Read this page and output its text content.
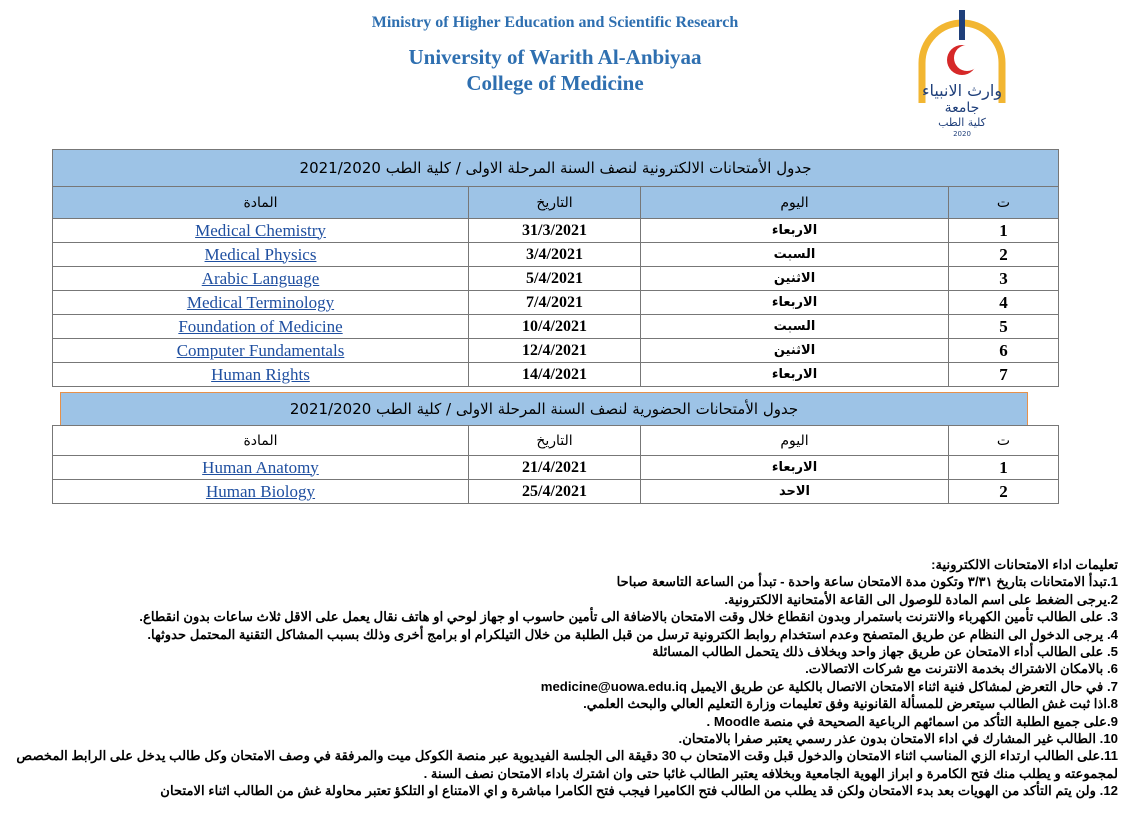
Ministry of Higher Education and Scientific Research
University of Warith Al-Anbiyaa
College of Medicine	وارث الانبياء
جامعة
كلية الطب
2020
جدول الأمتحانات الالكترونية لنصف السنة المرحلة الاولى / كلية الطب 2021/2020			
المادة	التاريخ	اليوم	ت
Medical Chemistry	31/3/2021	الاربعاء	1
Medical Physics	3/4/2021	السبت	2
Arabic Language	5/4/2021	الاثنين	3
Medical Terminology	7/4/2021	الاربعاء	4
Foundation of Medicine	10/4/2021	السبت	5
Computer Fundamentals	12/4/2021	الاثنين	6
Human Rights	14/4/2021	الاربعاء	7
جدول الأمتحانات الحضورية لنصف السنة المرحلة الاولى / كلية الطب 2021/2020
المادة	التاريخ	اليوم	ت
Human Anatomy	21/4/2021	الاربعاء	1
Human Biology	25/4/2021	الاحد	2
تعليمات اداء الامتحانات الالكترونية:
1.تبدأ الامتحانات بتاريخ ٣/٣١ وتكون مدة الامتحان ساعة واحدة - تبدأ من الساعة التاسعة صباحا
2.يرجى الضغط على اسم المادة للوصول الى القاعة الأمتحانية الالكترونية.
3. على الطالب تأمين الكهرباء والانترنت باستمرار وبدون انقطاع خلال وقت الامتحان بالاضافة الى تأمين حاسوب او جهاز لوحي او هاتف نقال يعمل على الاقل ثلاث ساعات بدون انقطاع.
4. يرجى الدخول الى النظام عن طريق المتصفح وعدم استخدام روابط الكترونية ترسل من قبل الطلبة من خلال التيلكرام او برامج أخرى وذلك بسبب المشاكل التقنية المحتمل حدوثها.
5. على الطالب أداء الامتحان عن طريق جهاز واحد وبخلاف ذلك يتحمل الطالب المسائلة
6. بالامكان الاشتراك بخدمة الانترنت مع شركات الاتصالات.
7. في حال التعرض لمشاكل فنية اثناء الامتحان الاتصال بالكلية عن طريق الايميل medicine@uowa.edu.iq
8.اذا ثبت غش الطالب سيتعرض للمسألة القانونية وفق تعليمات وزارة التعليم العالي والبحث العلمي.
9.على جميع الطلبة التأكد من اسمائهم الرباعية الصحيحة في منصة Moodle .
10. الطالب غير المشارك في اداء الامتحان بدون عذر رسمي يعتبر صفرا بالامتحان.
11.على الطالب ارتداء الزي المناسب اثناء الامتحان والدخول قبل وقت الامتحان ب 30 دقيقة الى الجلسة الفيديوية عبر منصة الكوكل ميت والمرفقة في وصف الامتحان وكل طالب يدخل على الرابط المخصص
لمجموعته و يطلب منك فتح الكامرة و ابراز الهوية الجامعية وبخلافه يعتبر الطالب غائبا حتى وان اشترك باداء الامتحان نصف السنة .
12. ولن يتم التأكد من الهويات بعد بدء الامتحان ولكن قد يطلب من الطالب فتح الكاميرا فيجب فتح الكامرا مباشرة و اي الامتناع او التلكؤ تعتبر محاولة غش من الطالب اثناء الامتحان
